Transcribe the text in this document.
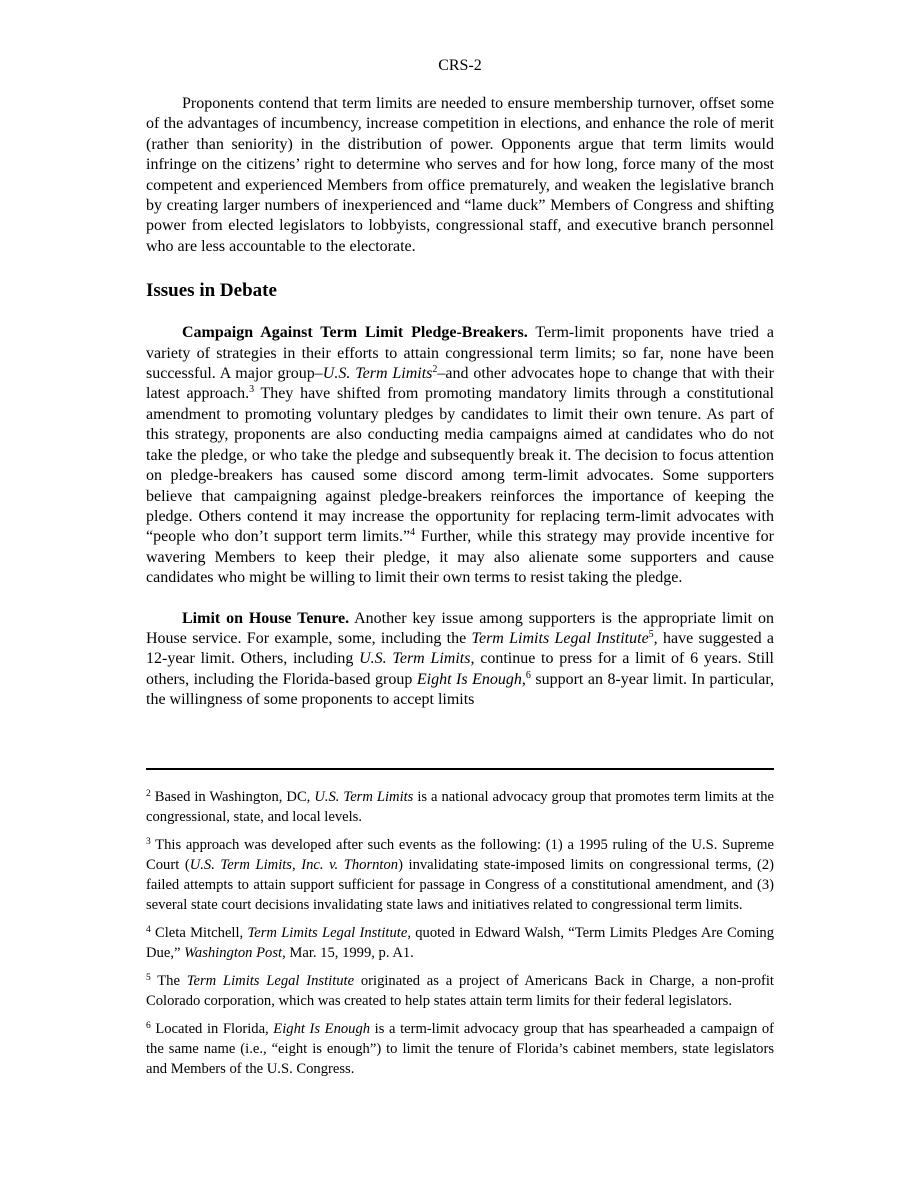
CRS-2

Proponents contend that term limits are needed to ensure membership turnover, offset some of the advantages of incumbency, increase competition in elections, and enhance the role of merit (rather than seniority) in the distribution of power. Opponents argue that term limits would infringe on the citizens’ right to determine who serves and for how long, force many of the most competent and experienced Members from office prematurely, and weaken the legislative branch by creating larger numbers of inexperienced and “lame duck” Members of Congress and shifting power from elected legislators to lobbyists, congressional staff, and executive branch personnel who are less accountable to the electorate.

Issues in Debate

Campaign Against Term Limit Pledge-Breakers. Term-limit proponents have tried a variety of strategies in their efforts to attain congressional term limits; so far, none have been successful. A major group–U.S. Term Limits$^2$–and other advocates hope to change that with their latest approach.$^3$ They have shifted from promoting mandatory limits through a constitutional amendment to promoting voluntary pledges by candidates to limit their own tenure. As part of this strategy, proponents are also conducting media campaigns aimed at candidates who do not take the pledge, or who take the pledge and subsequently break it. The decision to focus attention on pledge-breakers has caused some discord among term-limit advocates. Some supporters believe that campaigning against pledge-breakers reinforces the importance of keeping the pledge. Others contend it may increase the opportunity for replacing term-limit advocates with “people who don’t support term limits.”$^4$ Further, while this strategy may provide incentive for wavering Members to keep their pledge, it may also alienate some supporters and cause candidates who might be willing to limit their own terms to resist taking the pledge.

Limit on House Tenure. Another key issue among supporters is the appropriate limit on House service. For example, some, including the Term Limits Legal Institute$^5$, have suggested a 12-year limit. Others, including U.S. Term Limits, continue to press for a limit of 6 years. Still others, including the Florida-based group Eight Is Enough,$^6$ support an 8-year limit. In particular, the willingness of some proponents to accept limits

$^2$ Based in Washington, DC, U.S. Term Limits is a national advocacy group that promotes term limits at the congressional, state, and local levels.

$^3$ This approach was developed after such events as the following: (1) a 1995 ruling of the U.S. Supreme Court (U.S. Term Limits, Inc. v. Thornton) invalidating state-imposed limits on congressional terms, (2) failed attempts to attain support sufficient for passage in Congress of a constitutional amendment, and (3) several state court decisions invalidating state laws and initiatives related to congressional term limits.

$^4$ Cleta Mitchell, Term Limits Legal Institute, quoted in Edward Walsh, “Term Limits Pledges Are Coming Due,” Washington Post, Mar. 15, 1999, p. A1.

$^5$ The Term Limits Legal Institute originated as a project of Americans Back in Charge, a non-profit Colorado corporation, which was created to help states attain term limits for their federal legislators.

$^6$ Located in Florida, Eight Is Enough is a term-limit advocacy group that has spearheaded a campaign of the same name (i.e., “eight is enough”) to limit the tenure of Florida’s cabinet members, state legislators and Members of the U.S. Congress.
